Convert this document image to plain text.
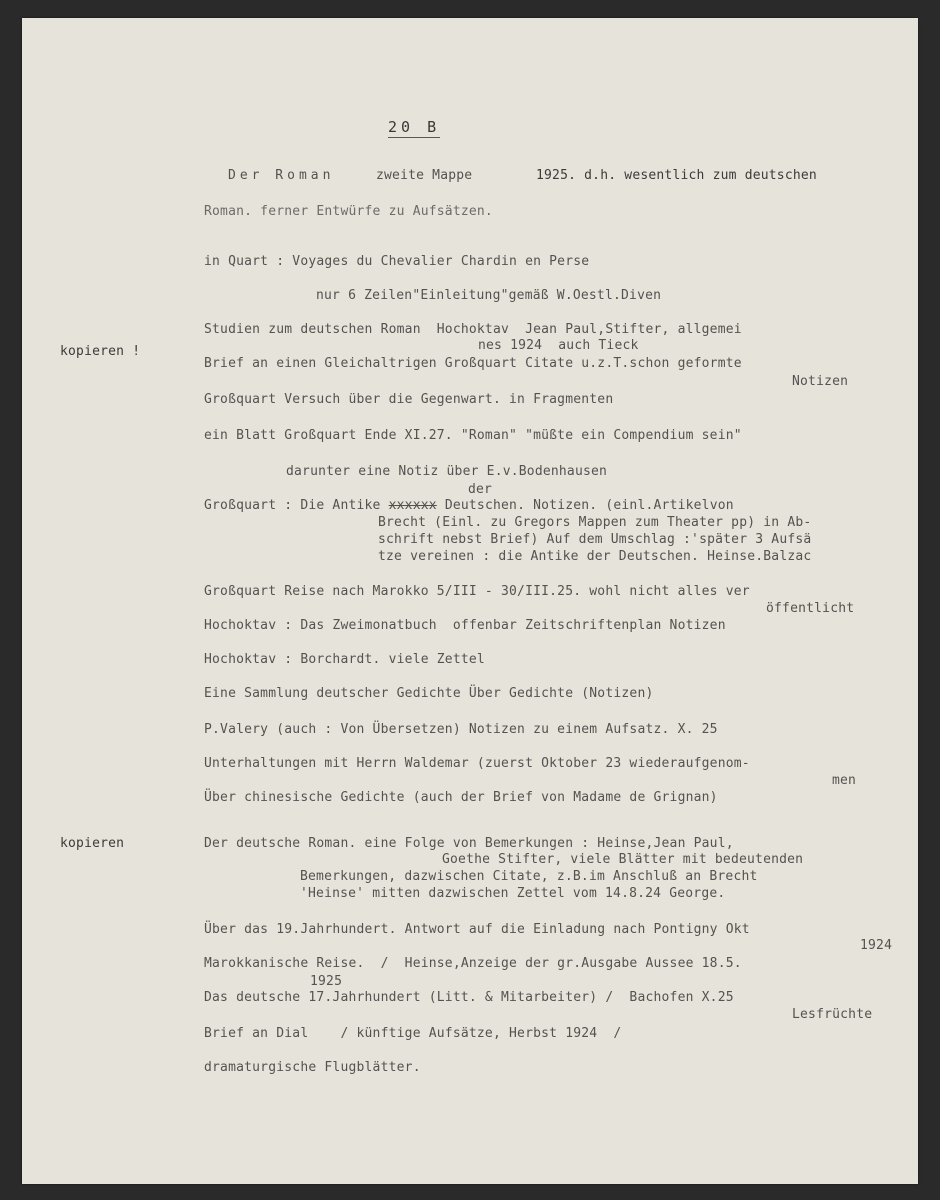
20 B
Der Roman	zweite Mappe	1925. d.h. wesentlich zum deutschen
Roman. ferner Entwürfe zu Aufsätzen.
kopieren !
kopieren
in Quart : Voyages du Chevalier Chardin en Perse
nur 6 Zeilen"Einleitung"gemäß W.Oestl.Diven
Studien zum deutschen Roman  Hochoktav  Jean Paul,Stifter, allgemei
nes 1924  auch Tieck
Brief an einen Gleichaltrigen Großquart Citate u.z.T.schon geformte
Notizen
Großquart Versuch über die Gegenwart. in Fragmenten
ein Blatt Großquart Ende XI.27. "Roman" "müßte ein Compendium sein"
darunter eine Notiz über E.v.Bodenhausen
der
Großquart : Die Antike xxxxxx Deutschen. Notizen. (einl.Artikelvon
Brecht (Einl. zu Gregors Mappen zum Theater pp) in Ab-
schrift nebst Brief) Auf dem Umschlag :'später 3 Aufsä
tze vereinen : die Antike der Deutschen. Heinse.Balzac
Großquart Reise nach Marokko 5/III - 30/III.25. wohl nicht alles ver
öffentlicht
Hochoktav : Das Zweimonatbuch  offenbar Zeitschriftenplan Notizen
Hochoktav : Borchardt. viele Zettel
Eine Sammlung deutscher Gedichte Über Gedichte (Notizen)
P.Valery (auch : Von Übersetzen) Notizen zu einem Aufsatz. X. 25
Unterhaltungen mit Herrn Waldemar (zuerst Oktober 23 wiederaufgenom-
men
Über chinesische Gedichte (auch der Brief von Madame de Grignan)
Der deutsche Roman. eine Folge von Bemerkungen : Heinse,Jean Paul,
Goethe Stifter, viele Blätter mit bedeutenden
Bemerkungen, dazwischen Citate, z.B.im Anschluß an Brecht
'Heinse' mitten dazwischen Zettel vom 14.8.24 George.
Über das 19.Jahrhundert. Antwort auf die Einladung nach Pontigny Okt
1924
Marokkanische Reise.  /  Heinse,Anzeige der gr.Ausgabe Aussee 18.5.
1925
Das deutsche 17.Jahrhundert (Litt. & Mitarbeiter) /  Bachofen X.25
Lesfrüchte
Brief an Dial    / künftige Aufsätze, Herbst 1924  /
dramaturgische Flugblätter.
